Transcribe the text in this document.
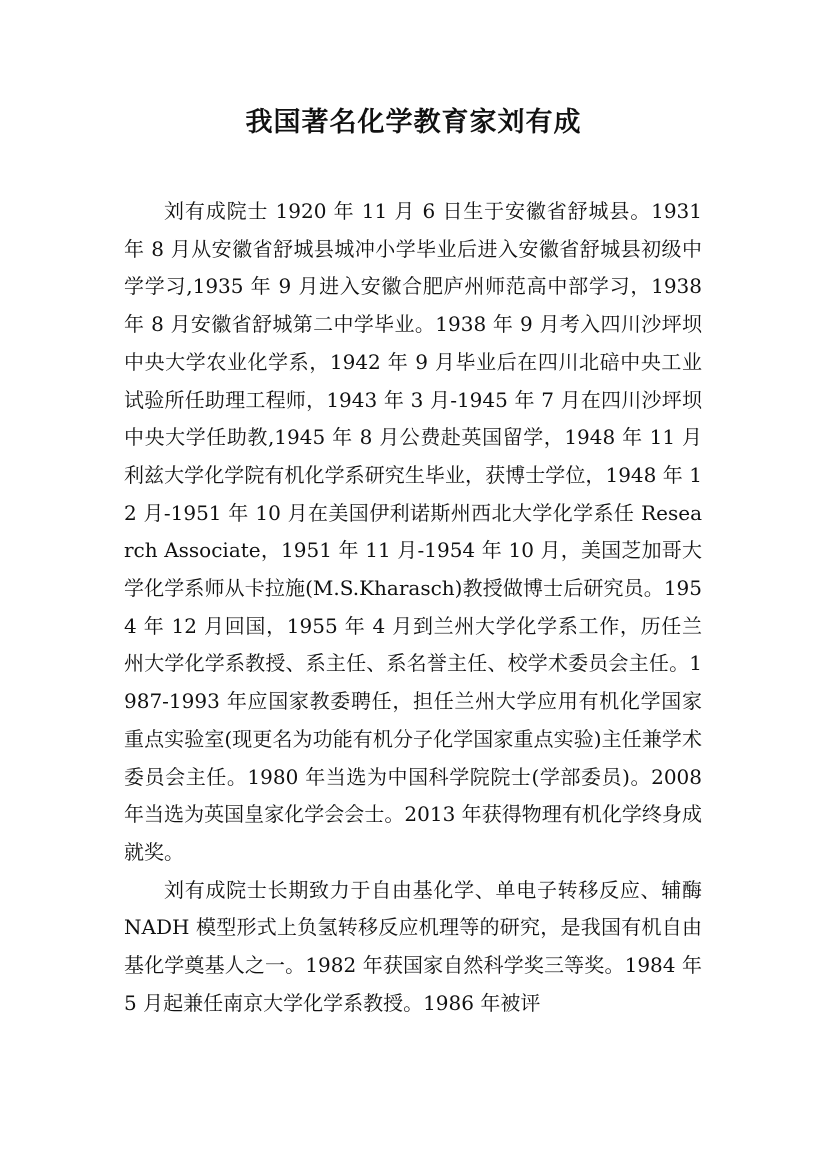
我国著名化学教育家刘有成

刘有成院士 1920 年 11 月 6 日生于安徽省舒城县。1931 年 8 月从安徽省舒城县城冲小学毕业后进入安徽省舒城县初级中学学习,1935 年 9 月进入安徽合肥庐州师范高中部学习，1938 年 8 月安徽省舒城第二中学毕业。1938 年 9 月考入四川沙坪坝中央大学农业化学系，1942 年 9 月毕业后在四川北碚中央工业试验所任助理工程师，1943 年 3 月-1945 年 7 月在四川沙坪坝中央大学任助教,1945 年 8 月公费赴英国留学，1948 年 11 月利兹大学化学院有机化学系研究生毕业，获博士学位，1948 年 12 月-1951 年 10 月在美国伊利诺斯州西北大学化学系任 Research Associate，1951 年 11 月-1954 年 10 月，美国芝加哥大学化学系师从卡拉施(M.S.Kharasch)教授做博士后研究员。1954 年 12 月回国，1955 年 4 月到兰州大学化学系工作，历任兰州大学化学系教授、系主任、系名誉主任、校学术委员会主任。1987-1993 年应国家教委聘任，担任兰州大学应用有机化学国家重点实验室(现更名为功能有机分子化学国家重点实验)主任兼学术委员会主任。1980 年当选为中国科学院院士(学部委员)。2008 年当选为英国皇家化学会会士。2013 年获得物理有机化学终身成就奖。

刘有成院士长期致力于自由基化学、单电子转移反应、辅酶 NADH 模型形式上负氢转移反应机理等的研究，是我国有机自由基化学奠基人之一。1982 年获国家自然科学奖三等奖。1984 年 5 月起兼任南京大学化学系教授。1986 年被评
